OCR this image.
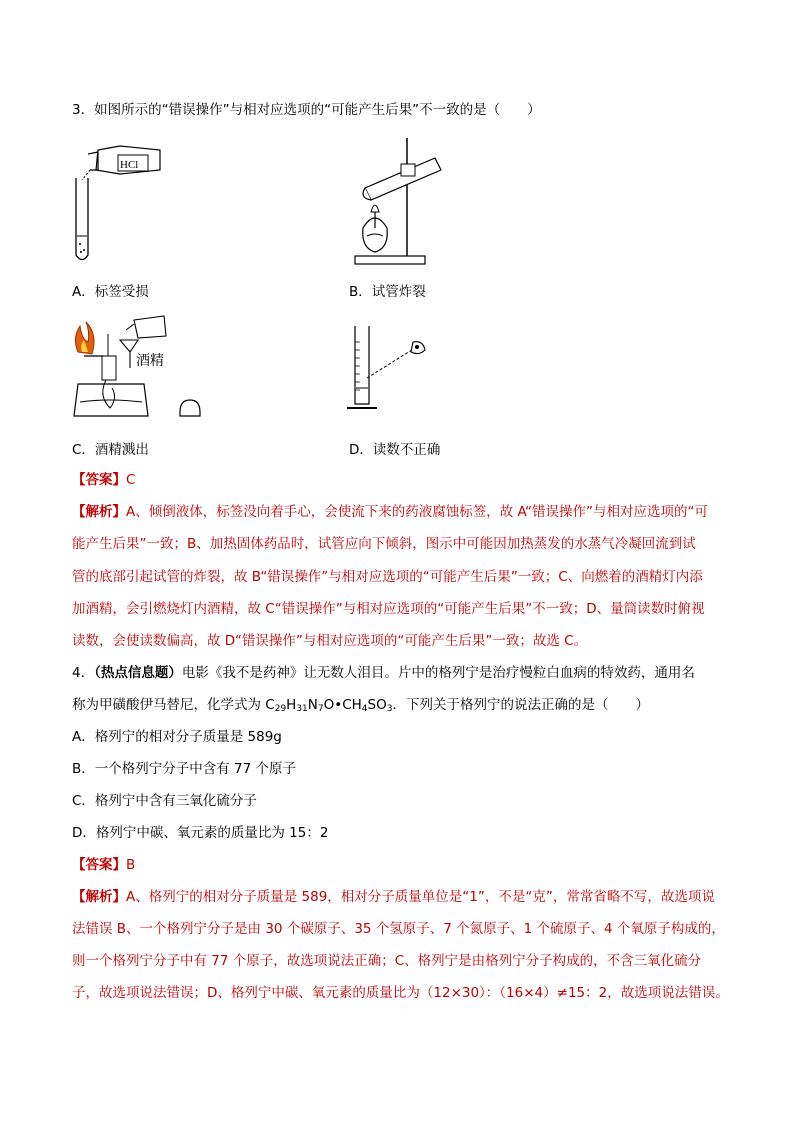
3．如图所示的“错误操作”与相对应选项的“可能产生后果”不一致的是（　　）
HCl
A．标签受损	B．试管炸裂
酒精
C．酒精溅出	D．读数不正确
【答案】C
【解析】A、倾倒液体，标签没向着手心，会使流下来的药液腐蚀标签，故 A“错误操作”与相对应选项的“可
能产生后果”一致；B、加热固体药品时，试管应向下倾斜，图示中可能因加热蒸发的水蒸气冷凝回流到试
管的底部引起试管的炸裂，故 B“错误操作”与相对应选项的“可能产生后果”一致；C、向燃着的酒精灯内添
加酒精，会引燃烧灯内酒精，故 C“错误操作”与相对应选项的“可能产生后果”不一致；D、量筒读数时俯视
读数，会使读数偏高，故 D“错误操作”与相对应选项的“可能产生后果”一致；故选 C。
4．（热点信息题）电影《我不是药神》让无数人泪目。片中的格列宁是治疗慢粒白血病的特效药，通用名
称为甲磺酸伊马替尼，化学式为 $C_{29}H_{31}N_7O•CH_4SO_3$．下列关于格列宁的说法正确的是（　　）
A．格列宁的相对分子质量是 589g
B．一个格列宁分子中含有 77 个原子
C．格列宁中含有三氧化硫分子
D．格列宁中碳、氧元素的质量比为 15：2
【答案】B
【解析】A、格列宁的相对分子质量是 589，相对分子质量单位是“1”，不是“克”，常常省略不写，故选项说
法错误 B、一个格列宁分子是由 30 个碳原子、35 个氢原子、7 个氮原子、1 个硫原子、4 个氧原子构成的，
则一个格列宁分子中有 77 个原子，故选项说法正确；C、格列宁是由格列宁分子构成的，不含三氧化硫分
子，故选项说法错误；D、格列宁中碳、氧元素的质量比为（12×30）：（16×4）≠15：2，故选项说法错误。
